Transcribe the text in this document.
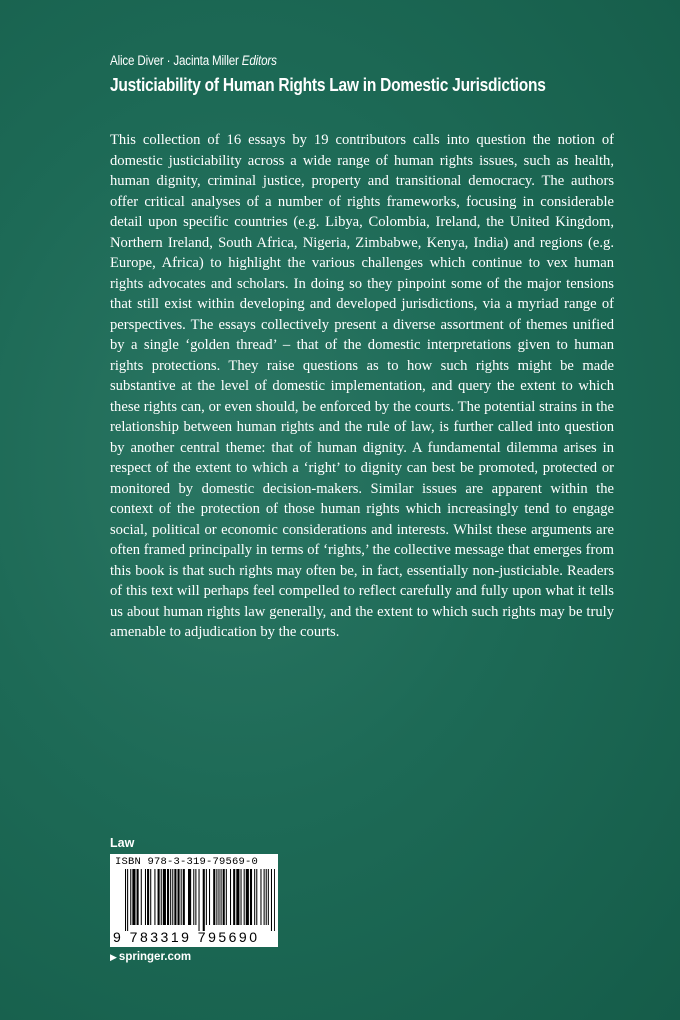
Alice Diver · Jacinta Miller Editors
Justiciability of Human Rights Law in Domestic Jurisdictions

This collection of 16 essays by 19 contributors calls into question the notion of domestic justiciability across a wide range of human rights issues, such as health, human dignity, criminal justice, property and transitional democracy. The authors offer critical analyses of a number of rights frameworks, focusing in considerable detail upon specific countries (e.g. Libya, Colombia, Ireland, the United Kingdom, Northern Ireland, South Africa, Nigeria, Zimbabwe, Kenya, India) and regions (e.g. Europe, Africa) to highlight the various challenges which continue to vex human rights advocates and scholars. In doing so they pinpoint some of the major tensions that still exist within developing and developed jurisdictions, via a myriad range of perspectives. The essays collectively present a diverse assortment of themes unified by a single ‘golden thread’ – that of the domestic interpretations given to human rights protections. They raise questions as to how such rights might be made substantive at the level of domestic implementation, and query the extent to which these rights can, or even should, be enforced by the courts. The potential strains in the relationship between human rights and the rule of law, is further called into question by another central theme: that of human dignity. A fundamental dilemma arises in respect of the extent to which a ‘right’ to dignity can best be promoted, protected or monitored by domestic decision-makers. Similar issues are apparent within the context of the protection of those human rights which increasingly tend to engage social, political or economic considerations and interests. Whilst these arguments are often framed principally in terms of ‘rights,’ the collective message that emerges from this book is that such rights may often be, in fact, essentially non-justiciable. Readers of this text will perhaps feel compelled to reflect carefully and fully upon what it tells us about human rights law generally, and the extent to which such rights may be truly amenable to adjudication by the courts.

Law
ISBN 978-3-319-79569-0
9 783319 795690
▶ springer.com
